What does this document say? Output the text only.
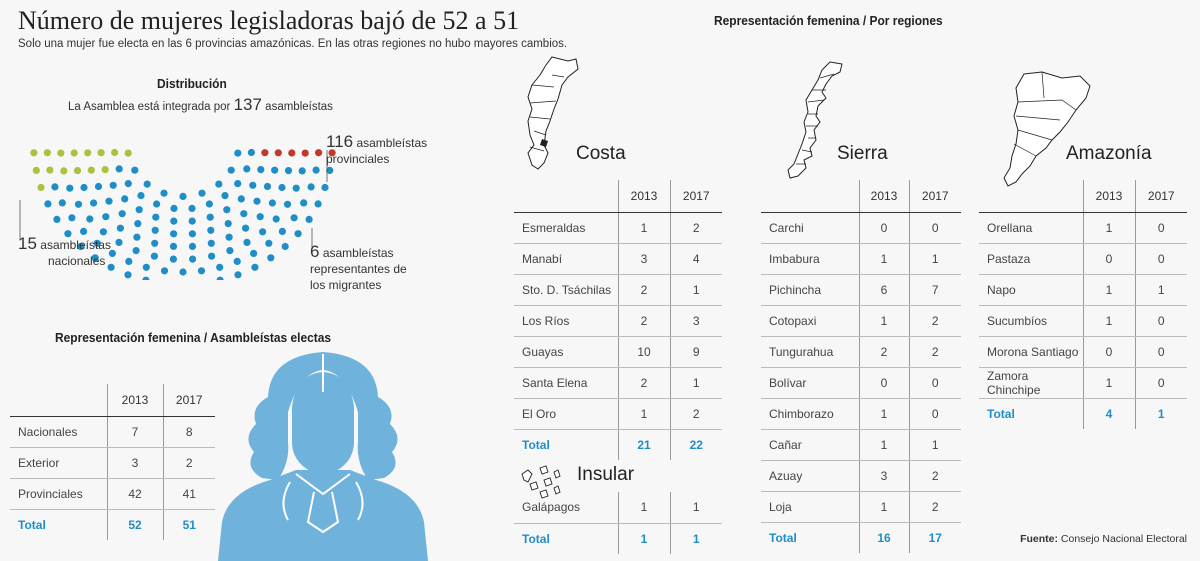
Número de mujeres legisladoras bajó de 52 a 51
Solo una mujer fue electa en las 6 provincias amazónicas. En las otras regiones no hubo mayores cambios.
Distribución
La Asamblea está integrada por 137 asambleístas
116 asambleístas
provinciales
15 asambleístas
nacionales	6 asambleístas
representantes de
los migrantes
Representación femenina / Asambleístas electas
	2013	2017
Nacionales	7	8
Exterior	3	2
Provinciales	42	41
Total	52	51
Representación femenina / Por regiones
Costa	Sierra	Amazonía
Insular
	2013	2017
Esmeraldas	1	2
Manabí	3	4
Sto. D. Tsáchilas	2	1
Los Ríos	2	3
Guayas	10	9
Santa Elena	2	1
El Oro	1	2
Total	21	22
Galápagos	1	1
Total	1	1
	2013	2017
Carchi	0	0
Imbabura	1	1
Pichincha	6	7
Cotopaxi	1	2
Tungurahua	2	2
Bolívar	0	0
Chimborazo	1	0
Cañar	1	1
Azuay	3	2
Loja	1	2
Total	16	17
	2013	2017
Orellana	1	0
Pastaza	0	0
Napo	1	1
Sucumbíos	1	0
Morona Santiago	0	0
Zamora Chinchipe	1	0
Total	4	1
Fuente: Consejo Nacional Electoral
